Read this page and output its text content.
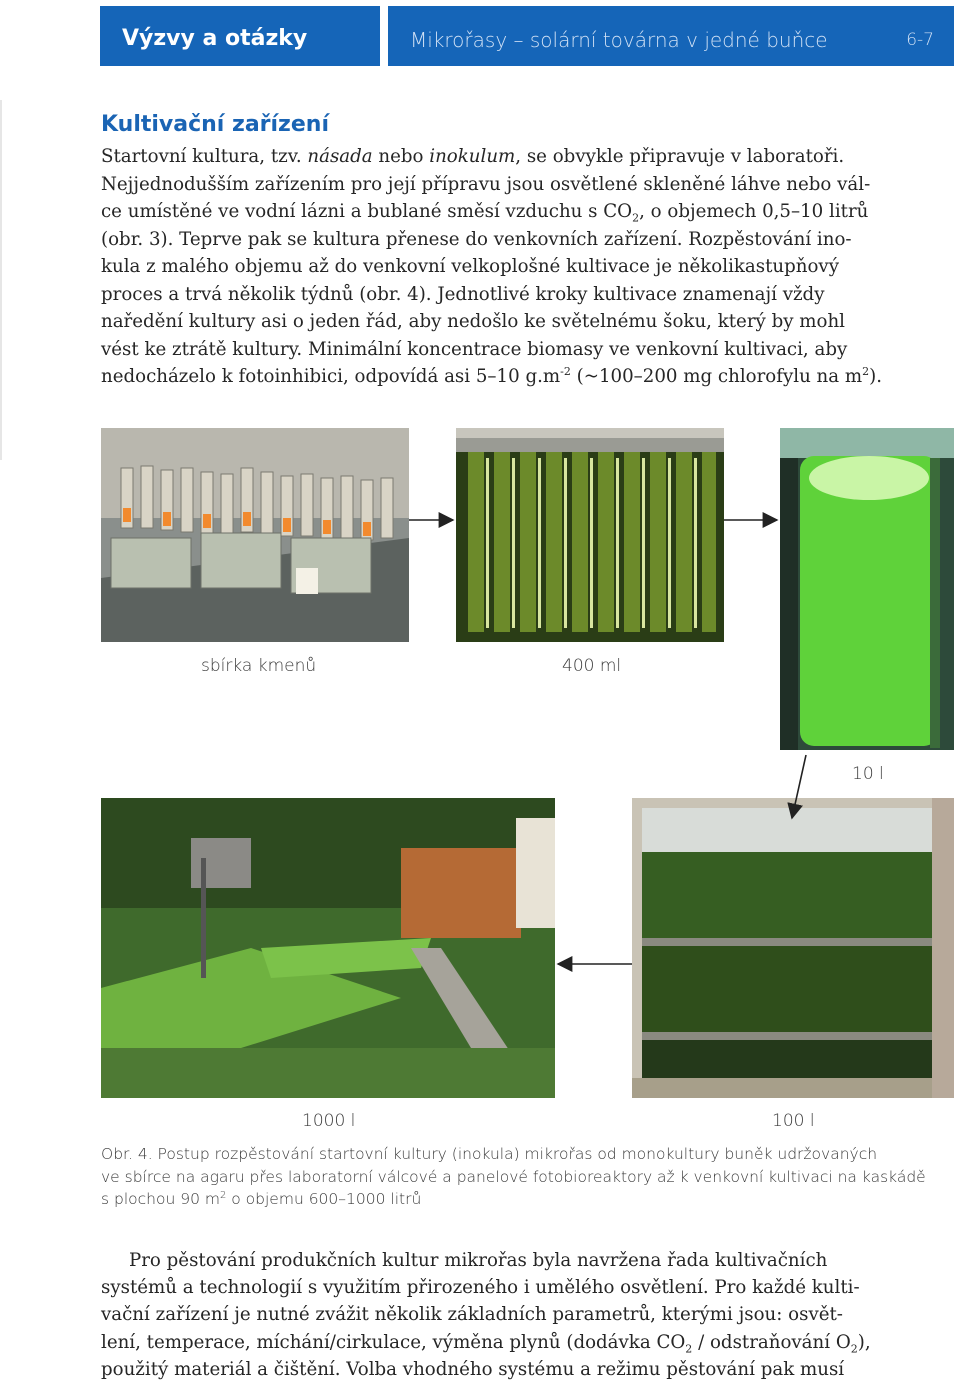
Výzvy a otázky	Mikrořasy – solární továrna v jedné buňce	6-7
Kultivační zařízení
Startovní kultura, tzv. násada nebo inokulum, se obvykle připravuje v laboratoři.
Nejjednodušším zařízením pro její přípravu jsou osvětlené skleněné láhve nebo vál-
ce umístěné ve vodní lázni a bublané směsí vzduchu s $CO_2$, o objemech 0,5–10 litrů
(obr. 3). Teprve pak se kultura přenese do venkovních zařízení. Rozpěstování ino-
kula z malého objemu až do venkovní velkoplošné kultivace je několikastupňový
proces a trvá několik týdnů (obr. 4). Jednotlivé kroky kultivace znamenají vždy
naředění kultury asi o jeden řád, aby nedošlo ke světelnému šoku, který by mohl
vést ke ztrátě kultury. Minimální koncentrace biomasy ve venkovní kultivaci, aby
nedocházelo k fotoinhibici, odpovídá asi 5–10 $g.m^{-2}$ (~100–200 mg chlorofylu na $m^2$).
sbírka kmenů	400 ml
10 l
1000 l	100 l
Obr. 4. Postup rozpěstování startovní kultury (inokula) mikrořas od monokultury buněk udržovaných
ve sbírce na agaru přes laboratorní válcové a panelové fotobioreaktory až k venkovní kultivaci na kaskádě
s plochou 90 $m^2$ o objemu 600–1000 litrů
Pro pěstování produkčních kultur mikrořas byla navržena řada kultivačních
systémů a technologií s využitím přirozeného i umělého osvětlení. Pro každé kulti-
vační zařízení je nutné zvážit několik základních parametrů, kterými jsou: osvět-
lení, temperace, míchání/cirkulace, výměna plynů (dodávka $CO_2$ / odstraňování $O_2$),
použitý materiál a čištění. Volba vhodného systému a režimu pěstování pak musí
